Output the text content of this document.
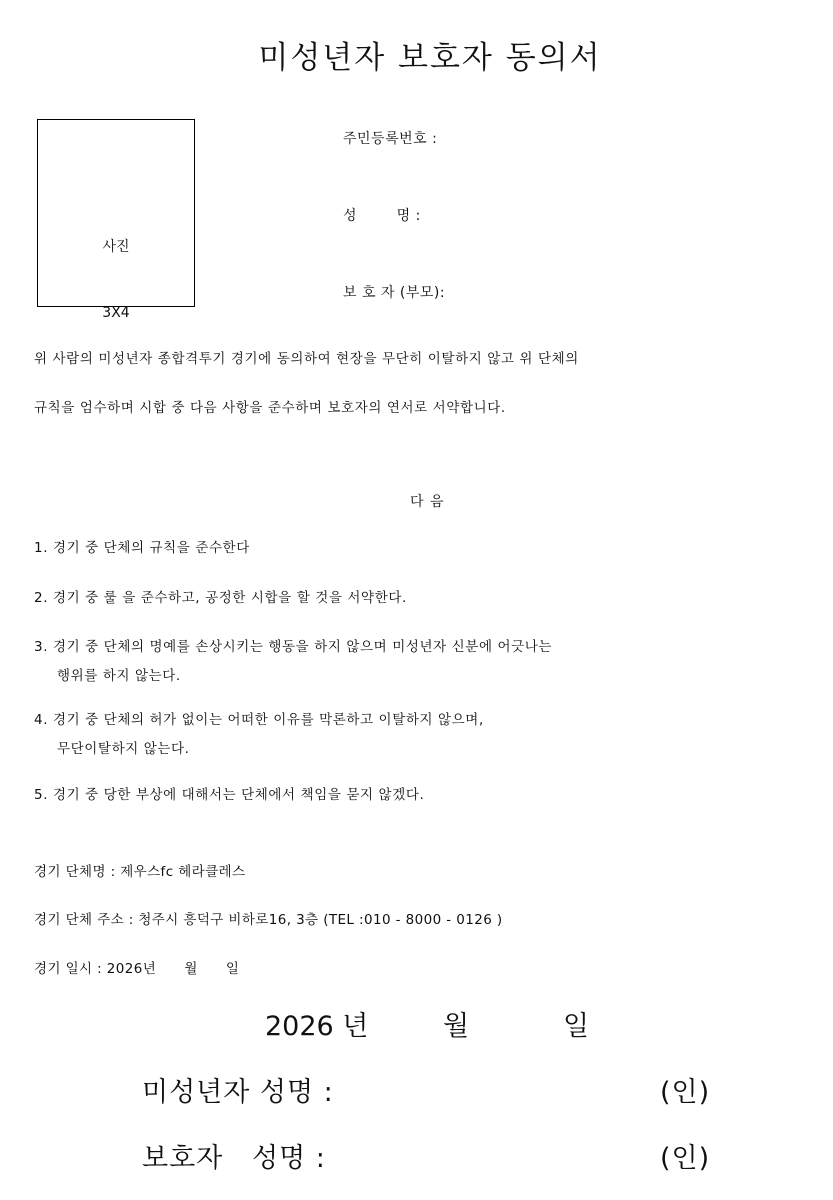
미성년자 보호자 동의서

사진

3X4

주민등록번호 :
성        명 :
보 호 자 (부모):
위 사람의 미성년자 종합격투기 경기에 동의하여 현장을 무단히 이탈하지 않고 위 단체의
규칙을 엄수하며 시합 중 다음 사항을 준수하며 보호자의 연서로 서약합니다.
다 음
1. 경기 중 단체의 규칙을 준수한다
2. 경기 중 룰 을 준수하고, 공정한 시합을 할 것을 서약한다.
3. 경기 중 단체의 명예를 손상시키는 행동을 하지 않으며 미성년자 신분에 어긋나는
행위를 하지 않는다.
4. 경기 중 단체의 허가 없이는 어떠한 이유를 막론하고 이탈하지 않으며,
무단이탈하지 않는다.
5. 경기 중 당한 부상에 대해서는 단체에서 책임을 묻지 않겠다.
경기 단체명 : 제우스fc 헤라클레스
경기 단체 주소 : 청주시 흥덕구 비하로16, 3층 (TEL :010 - 8000 - 0126 )
경기 일시 : 2026년      월      일
2026 년	월	일
미성년자 성명 :	(인)
보호자   성명 :	(인)
